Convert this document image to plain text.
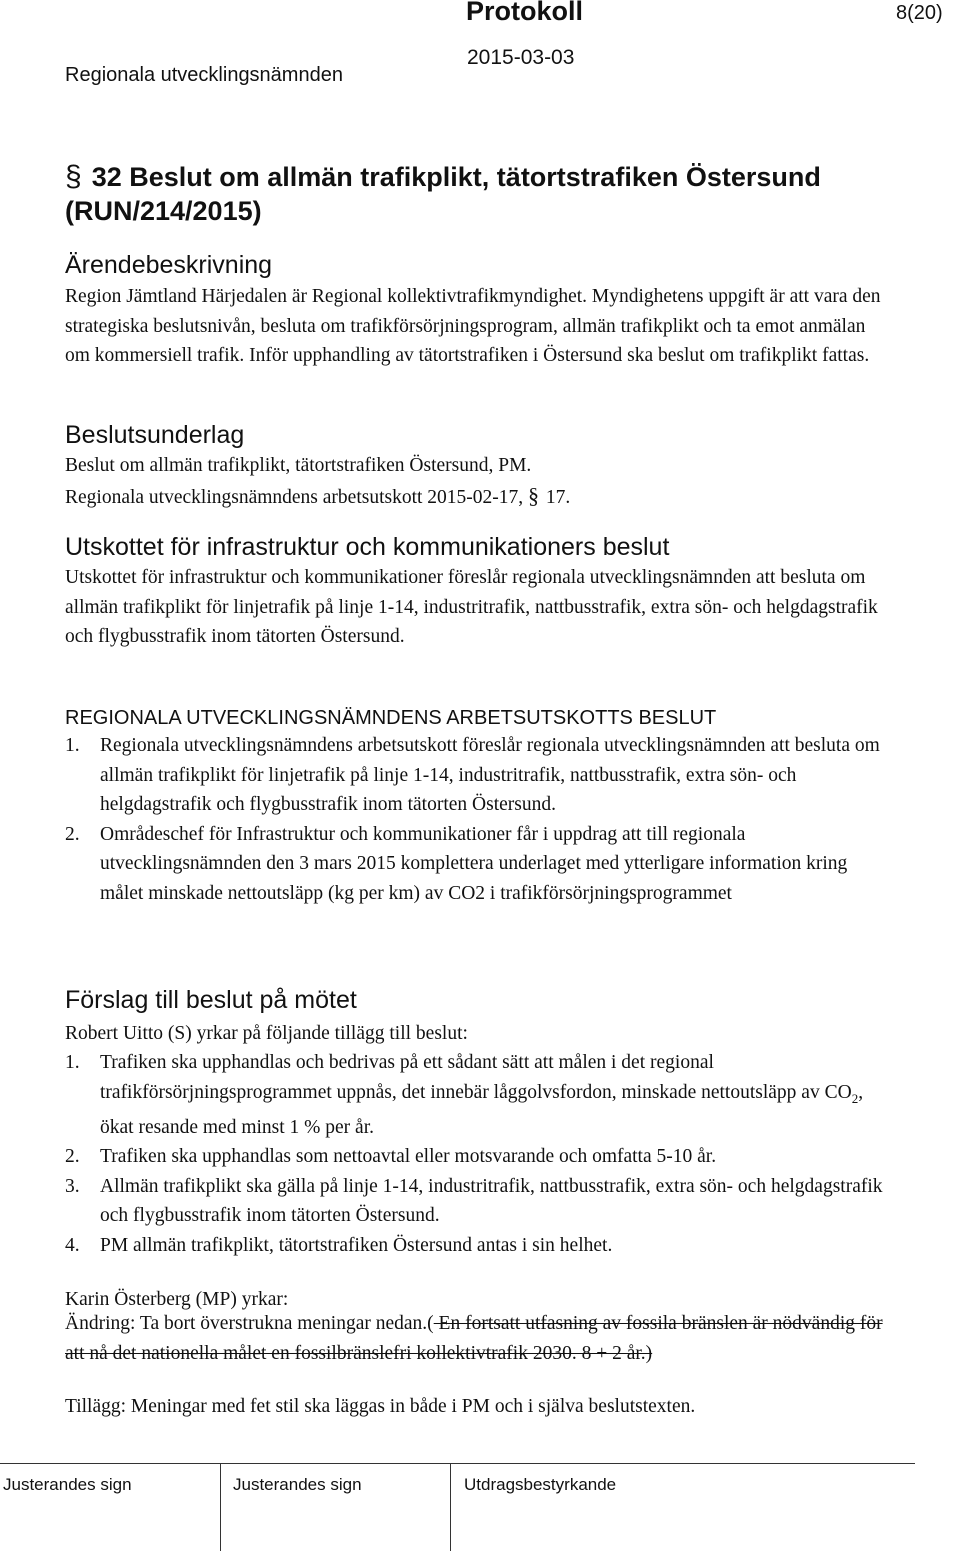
Protokoll	8(20)
Regionala utvecklingsnämnden
2015-03-03
§ 32 Beslut om allmän trafikplikt, tätortstrafiken Östersund (RUN/214/2015)
Ärendebeskrivning
Region Jämtland Härjedalen är Regional kollektivtrafikmyndighet. Myndighetens uppgift är att vara den strategiska beslutsnivån, besluta om trafikförsörjningsprogram, allmän trafikplikt och ta emot anmälan om kommersiell trafik. Inför upphandling av tätortstrafiken i Östersund ska beslut om trafikplikt fattas.
Beslutsunderlag
Beslut om allmän trafikplikt, tätortstrafiken Östersund, PM.
Regionala utvecklingsnämndens arbetsutskott 2015-02-17, § 17.
Utskottet för infrastruktur och kommunikationers beslut
Utskottet för infrastruktur och kommunikationer föreslår regionala utvecklingsnämnden att besluta om allmän trafikplikt för linjetrafik på linje 1-14, industritrafik, nattbusstrafik, extra sön- och helgdagstrafik och flygbusstrafik inom tätorten Östersund.
REGIONALA UTVECKLINGSNÄMNDENS ARBETSUTSKOTTS BESLUT
1. Regionala utvecklingsnämndens arbetsutskott föreslår regionala utvecklingsnämnden att besluta om allmän trafikplikt för linjetrafik på linje 1-14, industritrafik, nattbusstrafik, extra sön- och helgdagstrafik och flygbusstrafik inom tätorten Östersund.
2. Områdeschef för Infrastruktur och kommunikationer får i uppdrag att till regionala utvecklingsnämnden den 3 mars 2015 komplettera underlaget med ytterligare information kring målet minskade nettoutsläpp (kg per km) av CO2 i trafikförsörjningsprogrammet
Förslag till beslut på mötet
Robert Uitto (S) yrkar på följande tillägg till beslut:
1. Trafiken ska upphandlas och bedrivas på ett sådant sätt att målen i det regional trafikförsörjningsprogrammet uppnås, det innebär låggolvsfordon, minskade nettoutsläpp av $CO_2$, ökat resande med minst 1 % per år.
2. Trafiken ska upphandlas som nettoavtal eller motsvarande och omfatta 5-10 år.
3. Allmän trafikplikt ska gälla på linje 1-14, industritrafik, nattbusstrafik, extra sön- och helgdagstrafik och flygbusstrafik inom tätorten Östersund.
4. PM allmän trafikplikt, tätortstrafiken Östersund antas i sin helhet.
Karin Österberg (MP) yrkar:
Ändring: Ta bort överstrukna meningar nedan.( En fortsatt utfasning av fossila bränslen är nödvändig för att nå det nationella målet en fossilbränslefri kollektivtrafik 2030. 8 + 2 år.)
Tillägg: Meningar med fet stil ska läggas in både i PM och i själva beslutstexten.
Justerandes sign	Justerandes sign	Utdragsbestyrkande
